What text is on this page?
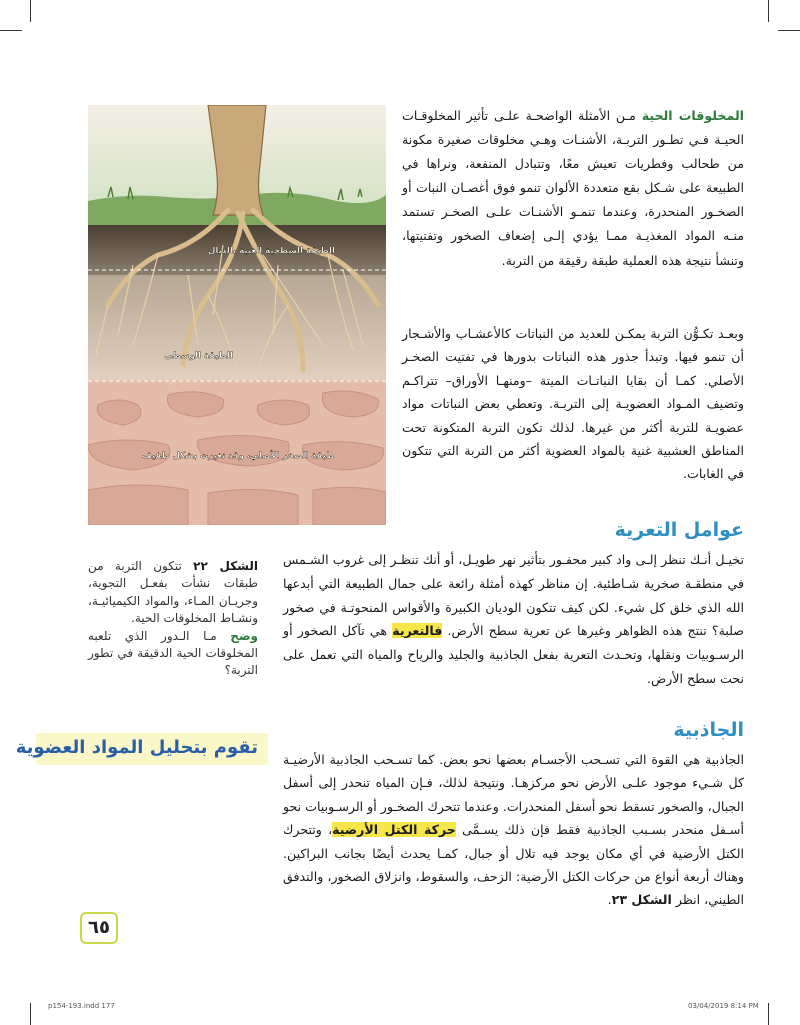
الطبقة السطحية الغنية بالدبال
الطبقة الوسطى
طبقة الصخر الأصلي، وقد تغيرت بشكل طفيف
المخلوقات الحية مـن الأمثلة الواضحـة علـى تأثير المخلوقـات الحيـة فـي تطـور التربـة، الأشنـات وهـي مخلوقات صغيرة مكونة من طحالب وفطريات تعيش معًا، وتتبادل المنفعة، ونراها في الطبيعة على شـكل بقع متعددة الألوان تنمو فوق أغصـان النبات أو الصخـور المنحدرة، وعندما تنمـو الأشنـات علـى الصخـر تستمد منـه المواد المغذيـة ممـا يؤدي إلـى إضعاف الصخور وتفتيتها، وتنشأ نتيجة هذه العملية طبقة رقيقة من التربة.
وبعـد تكـوُّن التربة يمكـن للعديد من النباتات كالأعشـاب والأشـجار أن تنمو فيها. وتبدأ جذور هذه النباتات بدورها في تفتيت الصخـر الأصلي. كمـا أن بقايا النباتـات الميتة –ومنهـا الأوراق– تتراكـم وتضيف المـواد العضويـة إلى التربـة. وتعطي بعض النباتات مواد عضويـة للتربة أكثر من غيرها. لذلك تكون التربة المتكونة تحت المناطق العشبية غنية بالمواد العضوية أكثر من التربة التي تتكون في الغابات.
عوامل التعرية
تخيـل أنـك تنظر إلـى واد كبير محفـور بتأثير نهر طويـل، أو أنك تنظـر إلى غروب الشـمس في منطقـة صخرية شـاطئية. إن مناظر كهذه أمثلة رائعة على جمال الطبيعة التي أبدعها الله الذي خلق كل شيء. لكن كيف تتكون الوديان الكبيرة والأقواس المنحوتـة في صخور صلبة؟ تنتج هذه الظواهر وغيرها عن تعرية سطح الأرض. فالتعرية هي تآكل الصخور أو الرسـوبيات ونقلها، وتحـدث التعرية بفعل الجاذبية والجليد والرياح والمياه التي تعمل على نحت سطح الأرض.
الشكل ٢٢ تتكون التربة من طبقات نشأت بفعـل التجوية، وجريـان المـاء، والمواد الكيميائيـة، ونشـاط المخلوقات الحية.
وضح مـا الـدور الذي تلعبه المخلوقات الحية الدقيقة في تطور التربة؟
تقوم بتحليل المواد العضوية
الجاذبية
الجاذبية هي القوة التي تسـحب الأجسـام بعضها نحو بعض. كما تسـحب الجاذبية الأرضيـة كل شـيء موجود علـى الأرض نحو مركزهـا. ونتيجة لذلك، فـإن المياه تنحدر إلى أسفل الجبال، والصخور تسقط نحو أسفل المنحدرات. وعندما تتحرك الصخـور أو الرسـوبيات نحو أسـفل منحدر بسـبب الجاذبية فقط فإن ذلك يسـمَّى حركة الكتل الأرضية، وتتحرك الكتل الأرضية في أي مكان يوجد فيه تلال أو جبال، كمـا يحدث أيضًا بجانب البراكين. وهناك أربعة أنواع من حركات الكتل الأرضية: الزحف، والسقوط، وانزلاق الصخور، والتدفق الطيني، انظر الشكل ٢٣.
٦٥
p154-193.indd 177	03/04/2019 8:14 PM
